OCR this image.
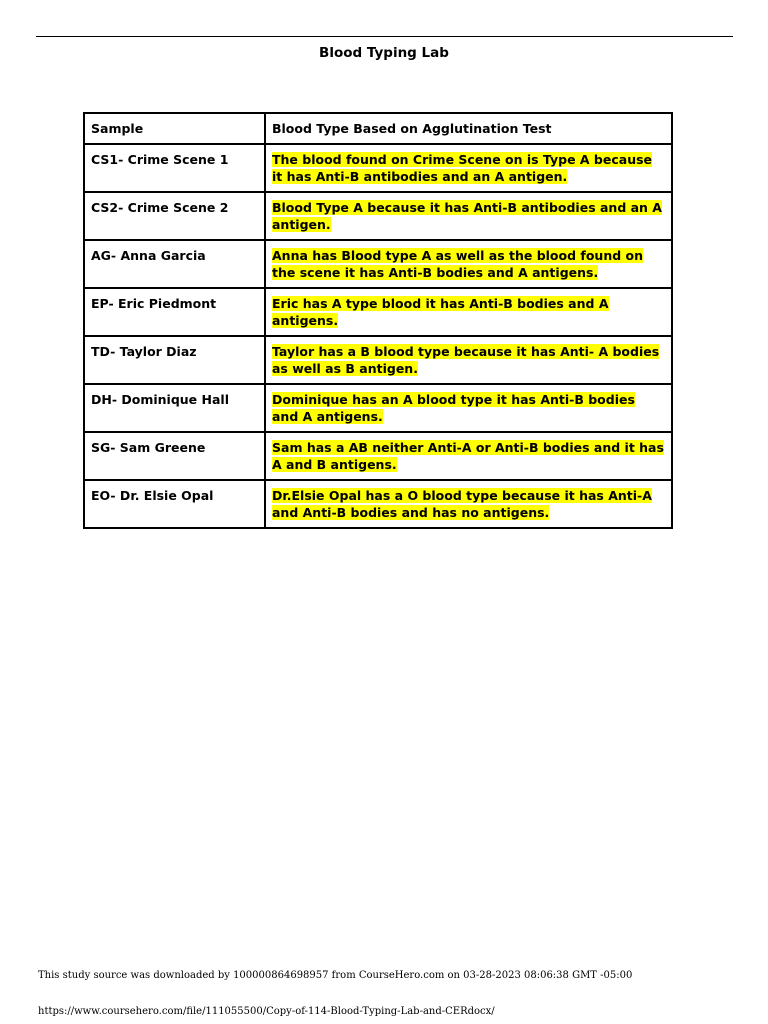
Blood Typing Lab
Sample	Blood Type Based on Agglutination Test
CS1- Crime Scene 1	The blood found on Crime Scene on is Type A because it has Anti-B antibodies and an A antigen.
CS2- Crime Scene 2	Blood Type A because it has Anti-B antibodies and an A antigen.
AG- Anna Garcia	Anna has Blood type A as well as the blood found on the scene it has Anti-B bodies and A antigens.
EP- Eric Piedmont	Eric has A type blood it has Anti-B bodies and A antigens.
TD- Taylor Diaz	Taylor has a B blood type because it has Anti- A bodies as well as B antigen.
DH- Dominique Hall	Dominique has an A blood type it has Anti-B bodies and A antigens.
SG- Sam Greene	Sam has a AB neither Anti-A or Anti-B bodies and it has A and B antigens.
EO- Dr. Elsie Opal	Dr.Elsie Opal has a O blood type because it has Anti-A and Anti-B bodies and has no antigens.
This study source was downloaded by 100000864698957 from CourseHero.com on 03-28-2023 08:06:38 GMT -05:00
https://www.coursehero.com/file/111055500/Copy-of-114-Blood-Typing-Lab-and-CERdocx/
